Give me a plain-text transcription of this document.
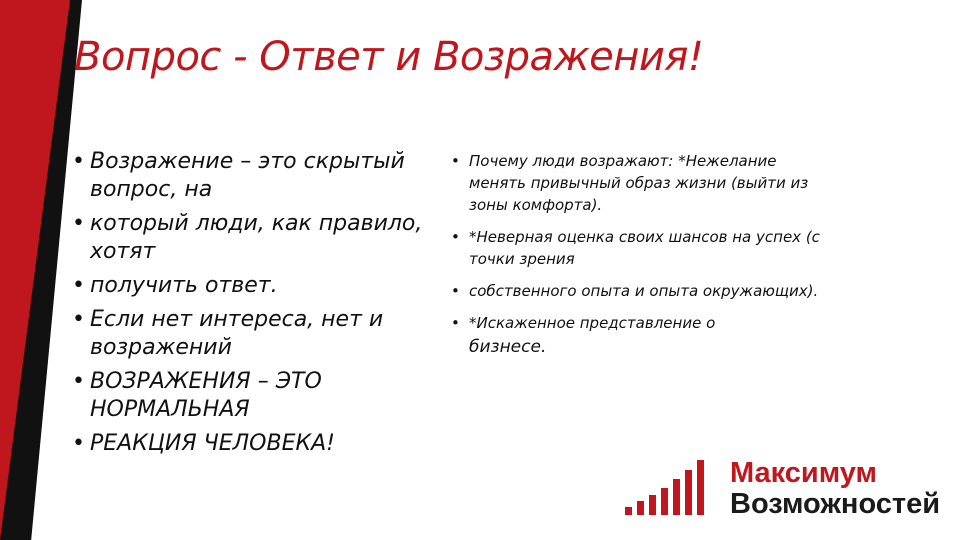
Вопрос - Ответ и Возражения!
• Возражение – это скрытый вопрос, на
• который люди, как правило, хотят
• получить ответ.
• Если нет интереса, нет и возражений
• ВОЗРАЖЕНИЯ – ЭТО НОРМАЛЬНАЯ
• РЕАКЦИЯ ЧЕЛОВЕКА!
• Почему люди возражают: *Нежелание менять привычный образ жизни (выйти из зоны комфорта).
• *Неверная оценка своих шансов на успех (с точки зрения
• собственного опыта и опыта окружающих).
• *Искаженное представление о
бизнесе.
Максимум
Возможностей
